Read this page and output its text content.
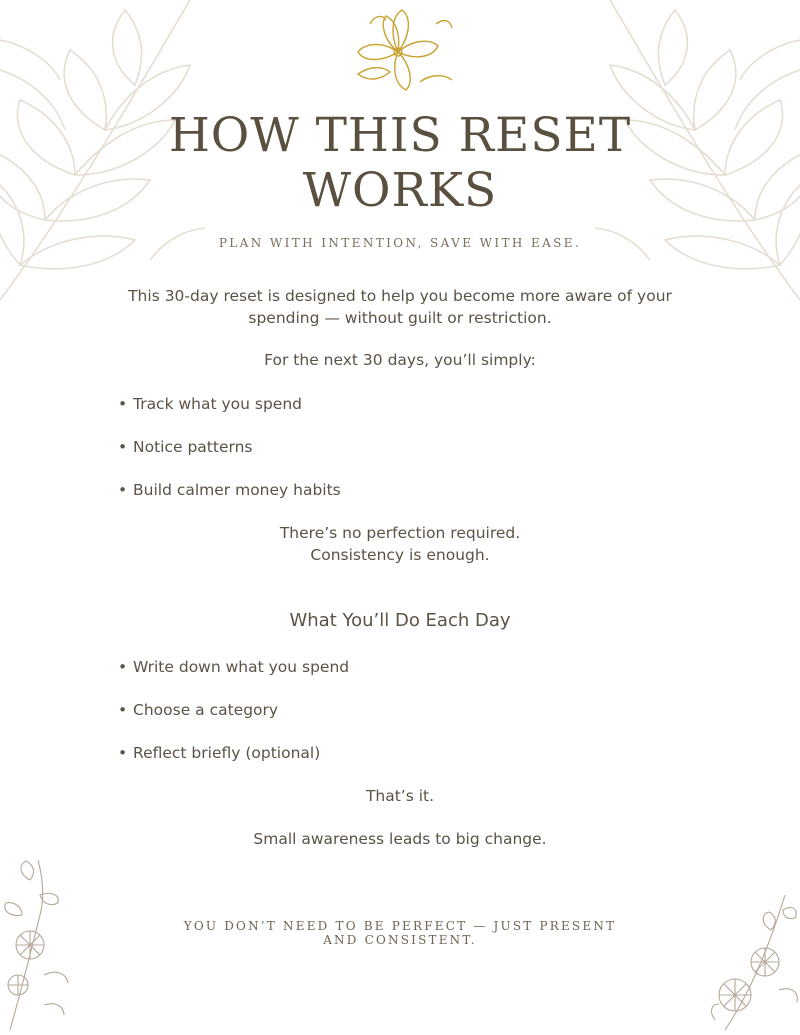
HOW THIS RESET
WORKS
PLAN WITH INTENTION, SAVE WITH EASE.
This 30-day reset is designed to help you become more aware of your
spending — without guilt or restriction.
For the next 30 days, you’ll simply:
• Track what you spend
• Notice patterns
• Build calmer money habits
There’s no perfection required.
Consistency is enough.
What You’ll Do Each Day
• Write down what you spend
• Choose a category
• Reflect briefly (optional)
That’s it.
Small awareness leads to big change.
YOU DON’T NEED TO BE PERFECT — JUST PRESENT
AND CONSISTENT.
